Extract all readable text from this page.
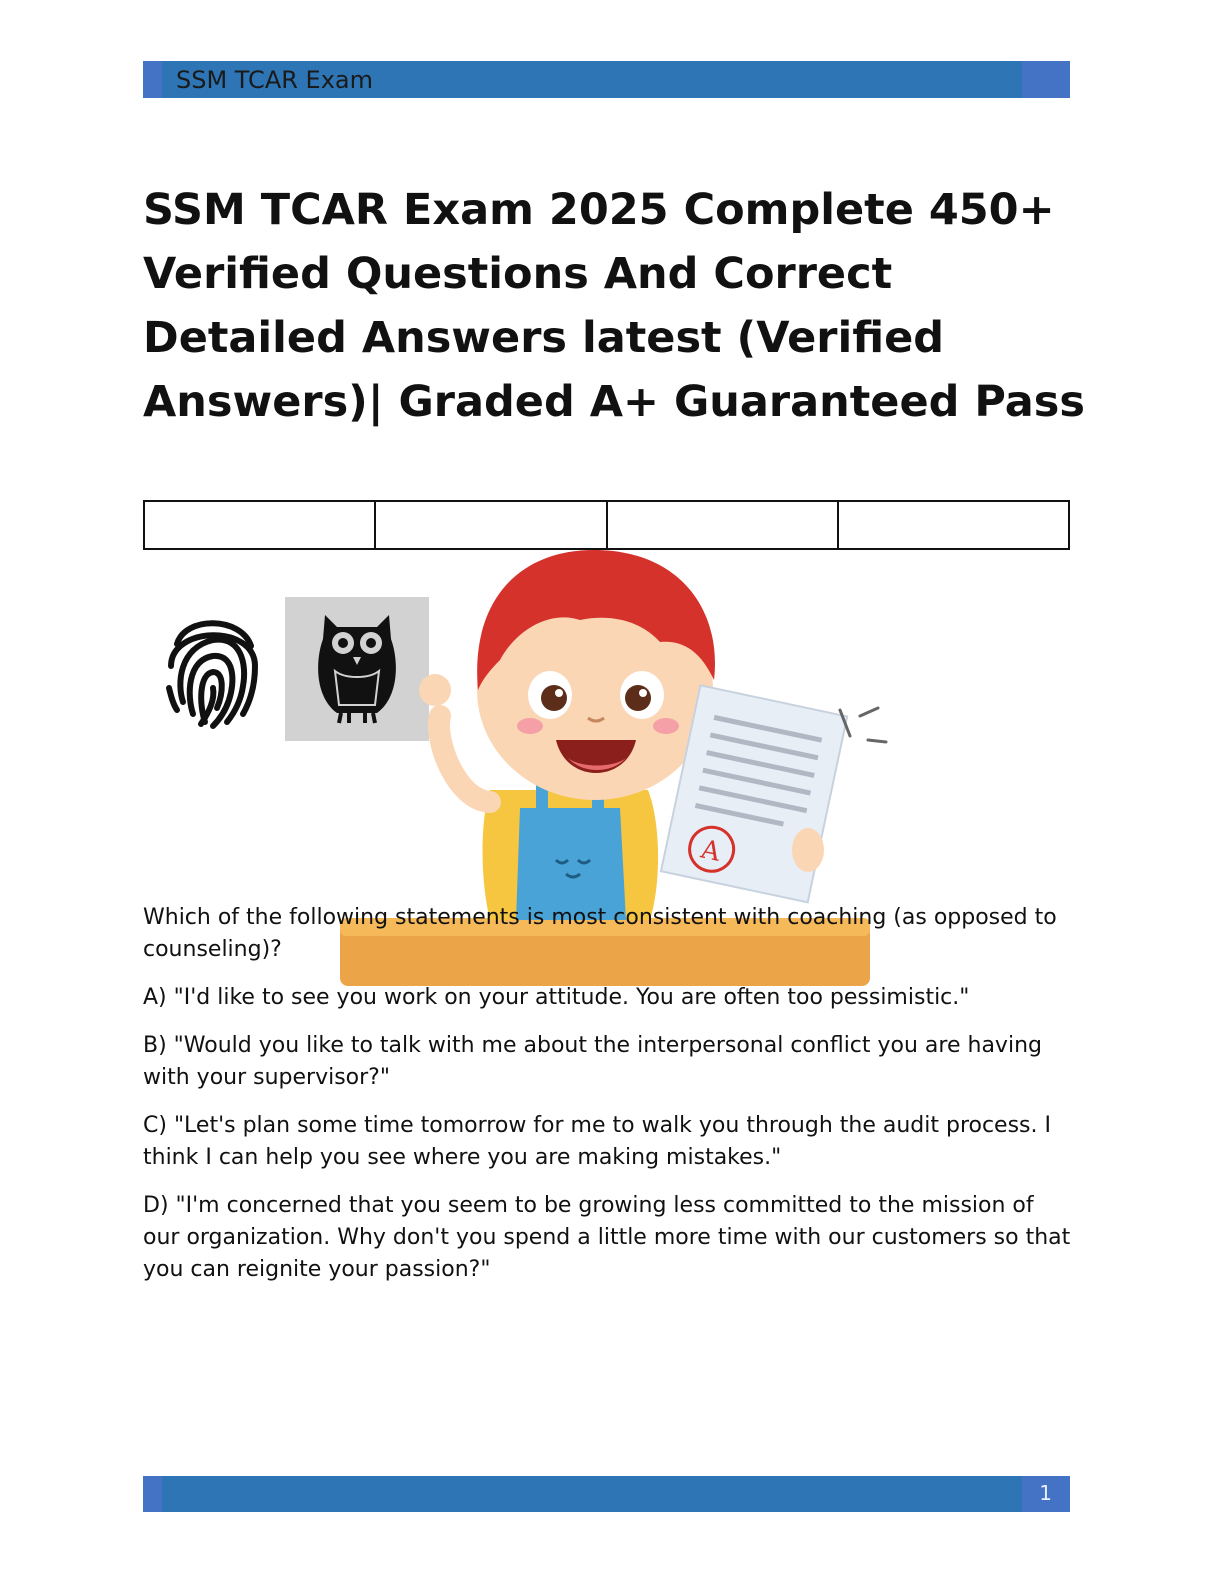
SSM TCAR Exam
SSM TCAR Exam 2025 Complete 450+ Verified Questions And Correct Detailed Answers latest (Verified Answers)| Graded A+ Guaranteed Pass

A

Which of the following statements is most consistent with coaching (as opposed to counseling)?

A) "I'd like to see you work on your attitude. You are often too pessimistic."

B) "Would you like to talk with me about the interpersonal conflict you are having with your supervisor?"

C) "Let's plan some time tomorrow for me to walk you through the audit process. I think I can help you see where you are making mistakes."

D) "I'm concerned that you seem to be growing less committed to the mission of our organization. Why don't you spend a little more time with our customers so that you can reignite your passion?"

1
